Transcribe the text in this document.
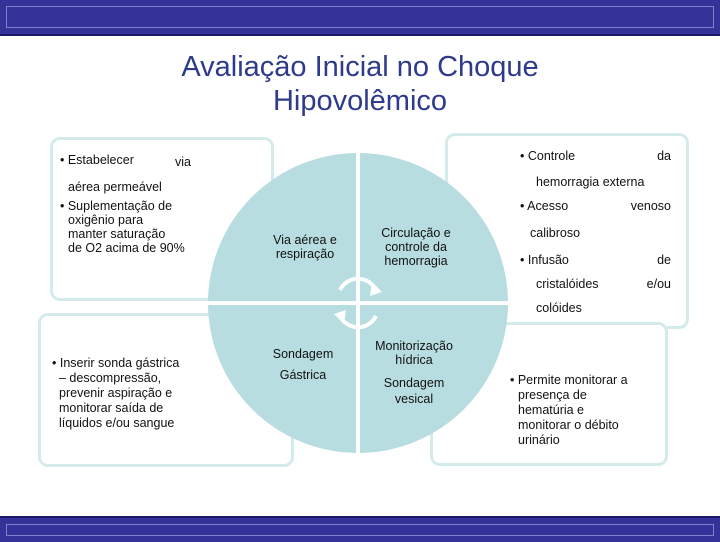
Avaliação Inicial no Choque
Hipovolêmico
Via aérea e
respiração
Circulação e
controle da
hemorragia
Sondagem
Gástrica
Monitorização
hídrica
Sondagem
vesical
• Estabelecer	via
aérea permeável
• Suplementação de
oxigênio para
manter saturação
de O2 acima de 90%
• Controle	da
hemorragia externa
• Acesso	venoso
calibroso
• Infusão	de
cristalóides	e/ou
colóides
• Inserir sonda gástrica
– descompressão,
prevenir aspiração e
monitorar saída de
líquidos e/ou sangue
• Permite monitorar a
presença de
hematúria e
monitorar o débito
urinário
